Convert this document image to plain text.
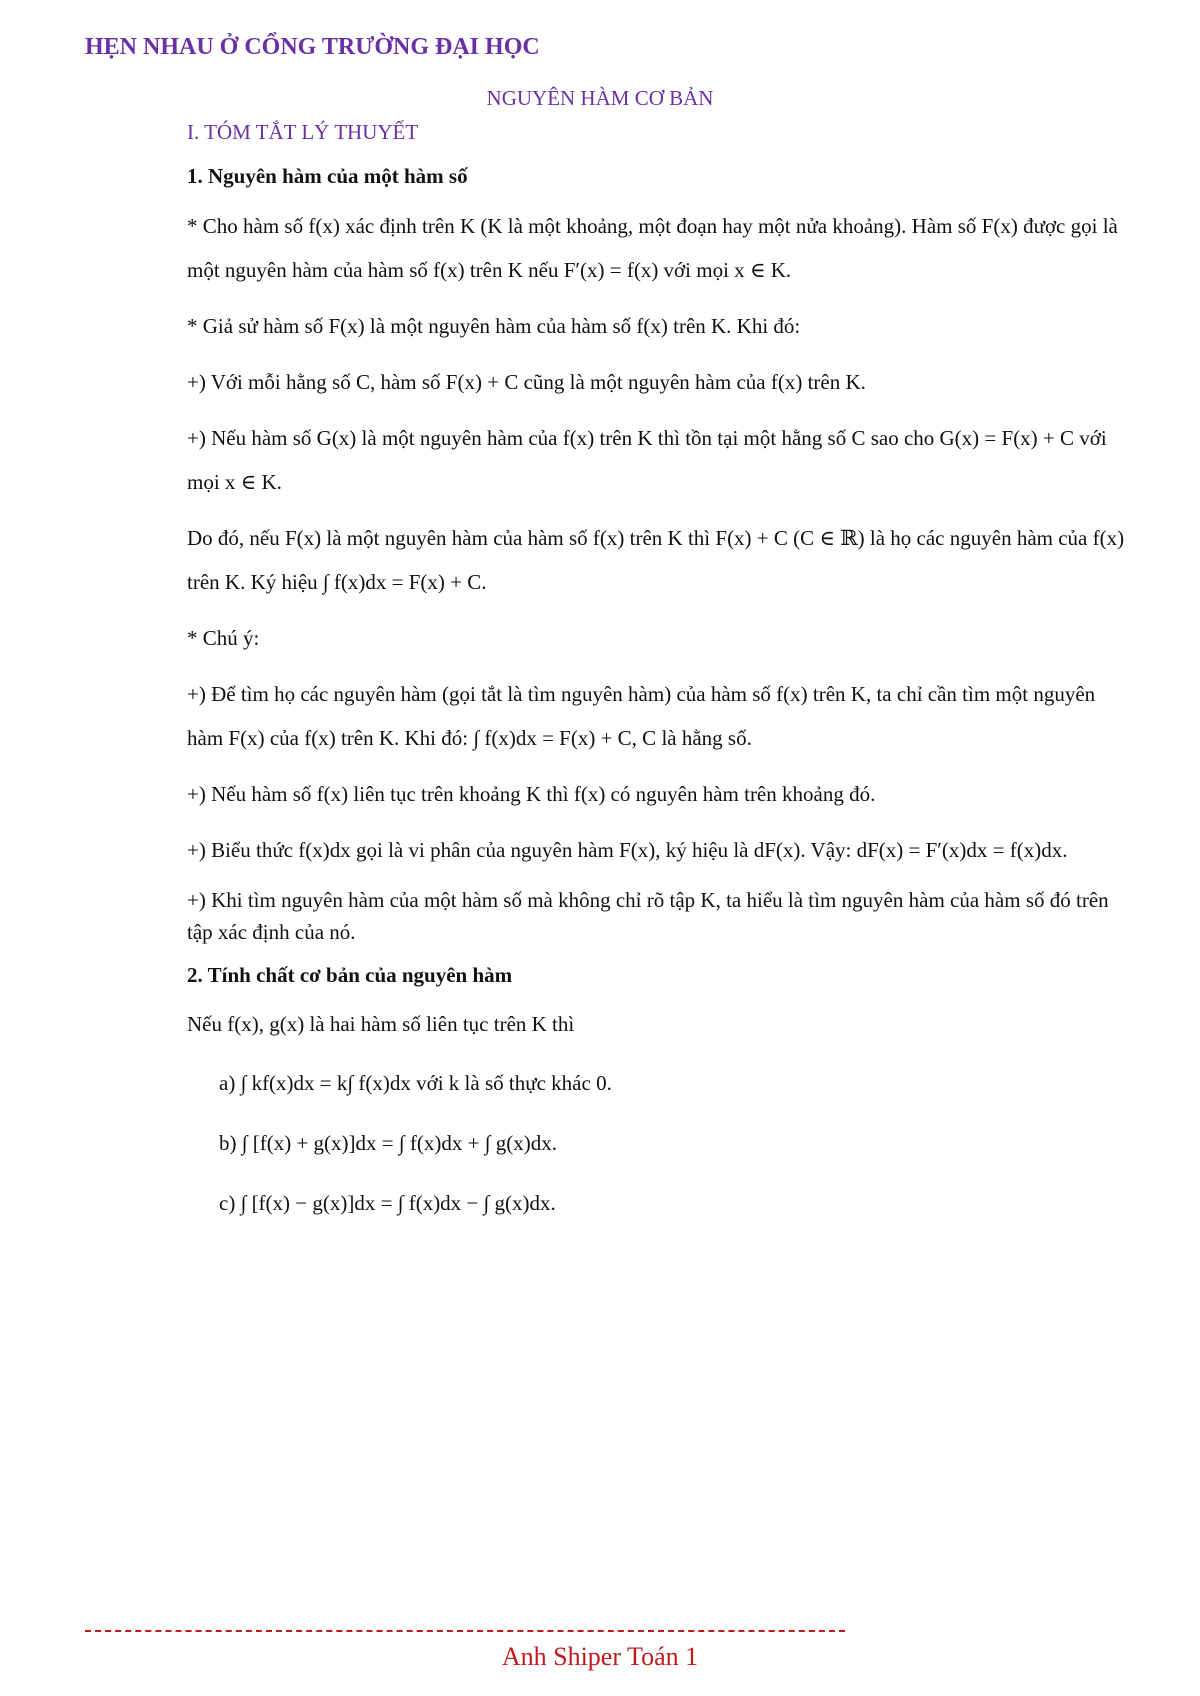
HẸN NHAU Ở CỔNG TRƯỜNG ĐẠI HỌC
NGUYÊN HÀM CƠ BẢN
I. TÓM TẮT LÝ THUYẾT
1. Nguyên hàm của một hàm số

* Cho hàm số f(x) xác định trên K (K là một khoảng, một đoạn hay một nửa khoảng). Hàm số F(x) được gọi là một nguyên hàm của hàm số f(x) trên K nếu F′(x) = f(x) với mọi x ∈ K.

* Giả sử hàm số F(x) là một nguyên hàm của hàm số f(x) trên K. Khi đó:

+) Với mỗi hằng số C, hàm số F(x) + C cũng là một nguyên hàm của f(x) trên K.

+) Nếu hàm số G(x) là một nguyên hàm của f(x) trên K thì tồn tại một hằng số C sao cho G(x) = F(x) + C với mọi x ∈ K.

Do đó, nếu F(x) là một nguyên hàm của hàm số f(x) trên K thì F(x) + C (C ∈ ℝ) là họ các nguyên hàm của f(x) trên K. Ký hiệu ∫ f(x)dx = F(x) + C.

* Chú ý:

+) Để tìm họ các nguyên hàm (gọi tắt là tìm nguyên hàm) của hàm số f(x) trên K, ta chỉ cần tìm một nguyên hàm F(x) của f(x) trên K. Khi đó: ∫ f(x)dx = F(x) + C, C là hằng số.

+) Nếu hàm số f(x) liên tục trên khoảng K thì f(x) có nguyên hàm trên khoảng đó.

+) Biểu thức f(x)dx gọi là vi phân của nguyên hàm F(x), ký hiệu là dF(x). Vậy: dF(x) = F′(x)dx = f(x)dx.

+) Khi tìm nguyên hàm của một hàm số mà không chỉ rõ tập K, ta hiểu là tìm nguyên hàm của hàm số đó trên tập xác định của nó.

2. Tính chất cơ bản của nguyên hàm

Nếu f(x), g(x) là hai hàm số liên tục trên K thì

a) ∫ kf(x)dx = k∫ f(x)dx với k là số thực khác 0.

b) ∫ [f(x) + g(x)]dx = ∫ f(x)dx + ∫ g(x)dx.

c) ∫ [f(x) − g(x)]dx = ∫ f(x)dx − ∫ g(x)dx.

Anh Shiper Toán 1
